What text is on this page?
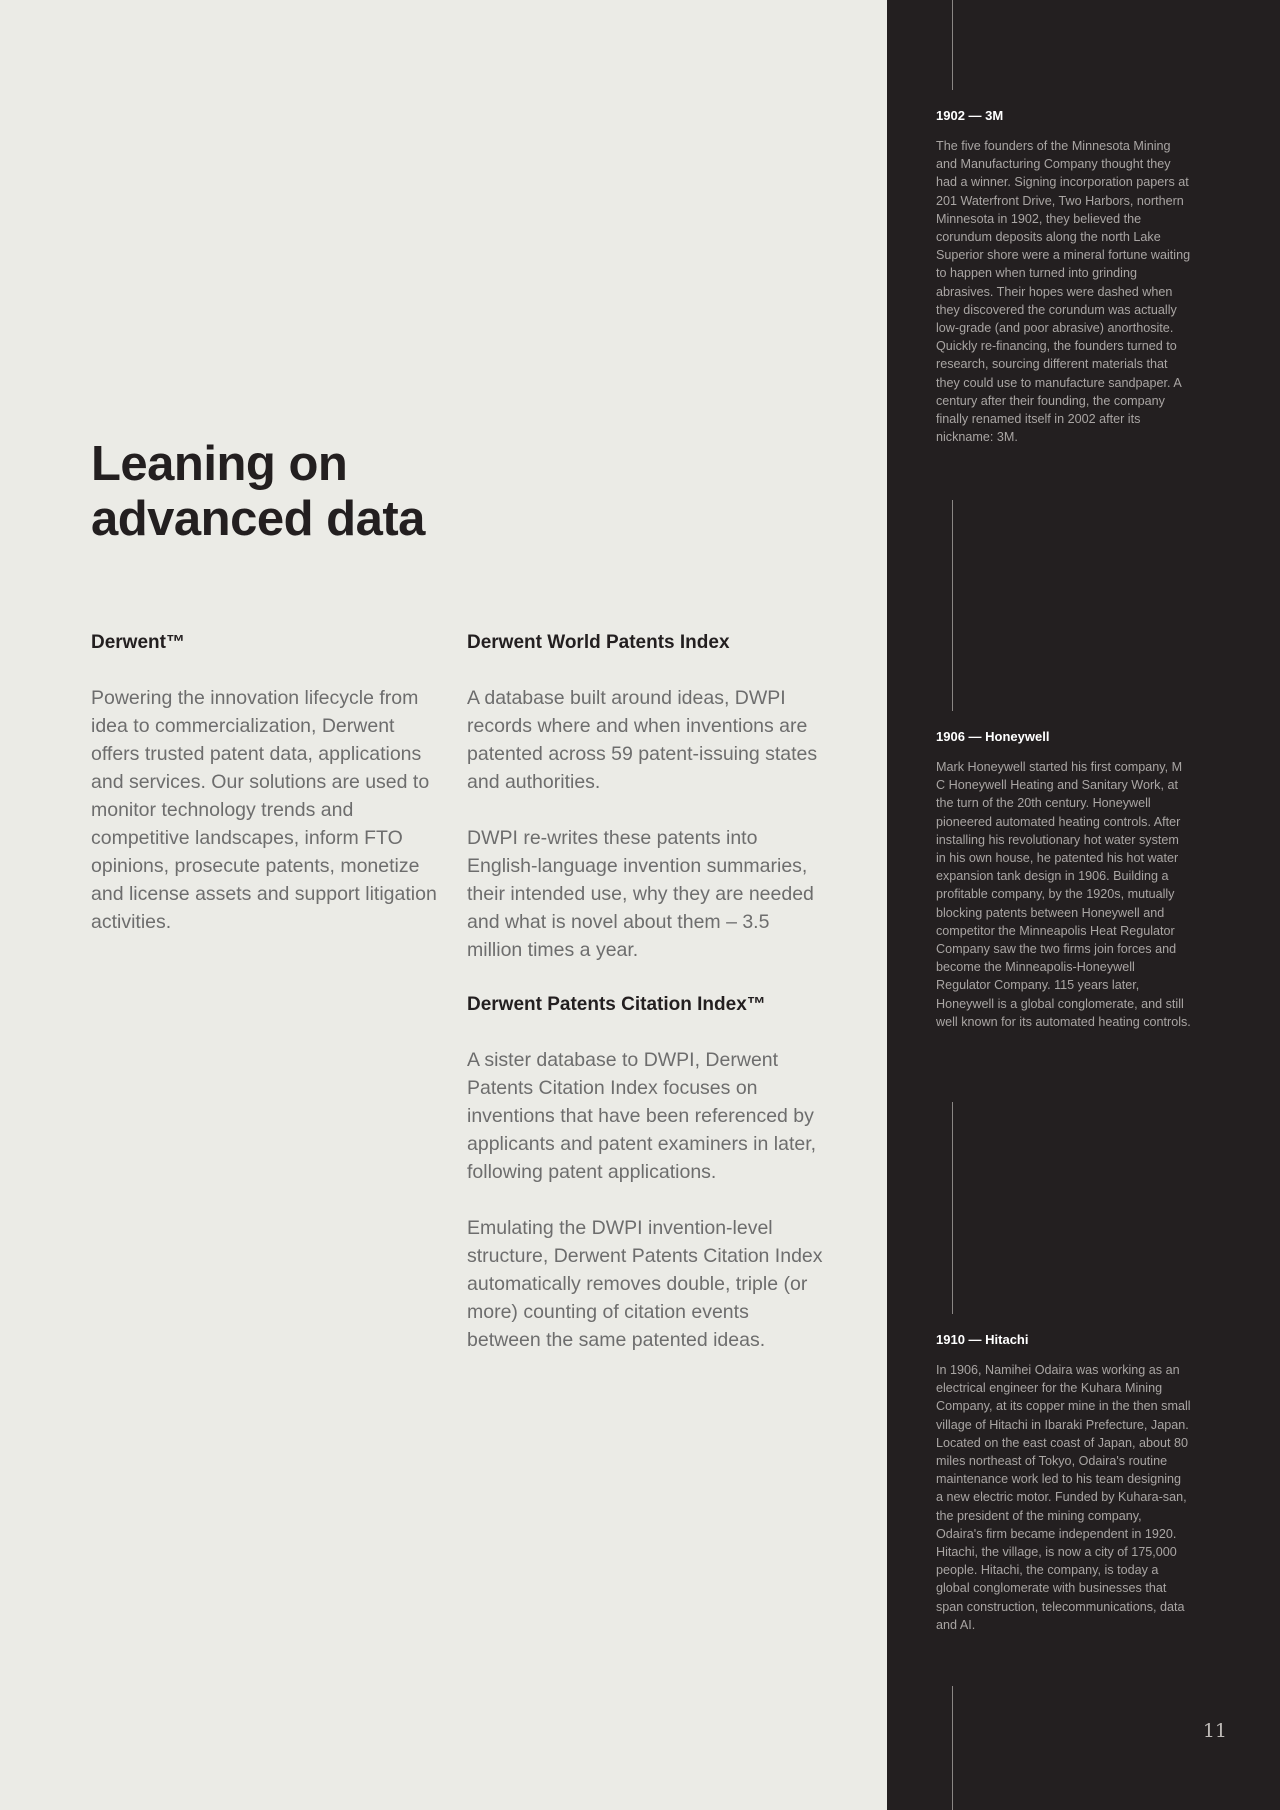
Leaning on advanced data
Derwent™

Powering the innovation lifecycle from idea to commercialization, Derwent offers trusted patent data, applications and services. Our solutions are used to monitor technology trends and competitive landscapes, inform FTO opinions, prosecute patents, monetize and license assets and support litigation activities.

Derwent World Patents Index

A database built around ideas, DWPI records where and when inventions are patented across 59 patent-issuing states and authorities.

DWPI re-writes these patents into English-language invention summaries, their intended use, why they are needed and what is novel about them – 3.5 million times a year.

Derwent Patents Citation Index™

A sister database to DWPI, Derwent Patents Citation Index focuses on inventions that have been referenced by applicants and patent examiners in later, following patent applications.

Emulating the DWPI invention-level structure, Derwent Patents Citation Index automatically removes double, triple (or more) counting of citation events between the same patented ideas.

1902 — 3M

The five founders of the Minnesota Mining and Manufacturing Company thought they had a winner. Signing incorporation papers at 201 Waterfront Drive, Two Harbors, northern Minnesota in 1902, they believed the corundum deposits along the north Lake Superior shore were a mineral fortune waiting to happen when turned into grinding abrasives. Their hopes were dashed when they discovered the corundum was actually low-grade (and poor abrasive) anorthosite. Quickly re-financing, the founders turned to research, sourcing different materials that they could use to manufacture sandpaper. A century after their founding, the company finally renamed itself in 2002 after its nickname: 3M.

1906 — Honeywell

Mark Honeywell started his first company, M C Honeywell Heating and Sanitary Work, at the turn of the 20th century. Honeywell pioneered automated heating controls. After installing his revolutionary hot water system in his own house, he patented his hot water expansion tank design in 1906. Building a profitable company, by the 1920s, mutually blocking patents between Honeywell and competitor the Minneapolis Heat Regulator Company saw the two firms join forces and become the Minneapolis-Honeywell Regulator Company. 115 years later, Honeywell is a global conglomerate, and still well known for its automated heating controls.

1910 — Hitachi

In 1906, Namihei Odaira was working as an electrical engineer for the Kuhara Mining Company, at its copper mine in the then small village of Hitachi in Ibaraki Prefecture, Japan. Located on the east coast of Japan, about 80 miles northeast of Tokyo, Odaira's routine maintenance work led to his team designing a new electric motor. Funded by Kuhara-san, the president of the mining company, Odaira's firm became independent in 1920. Hitachi, the village, is now a city of 175,000 people. Hitachi, the company, is today a global conglomerate with businesses that span construction, telecommunications, data and AI.

11
